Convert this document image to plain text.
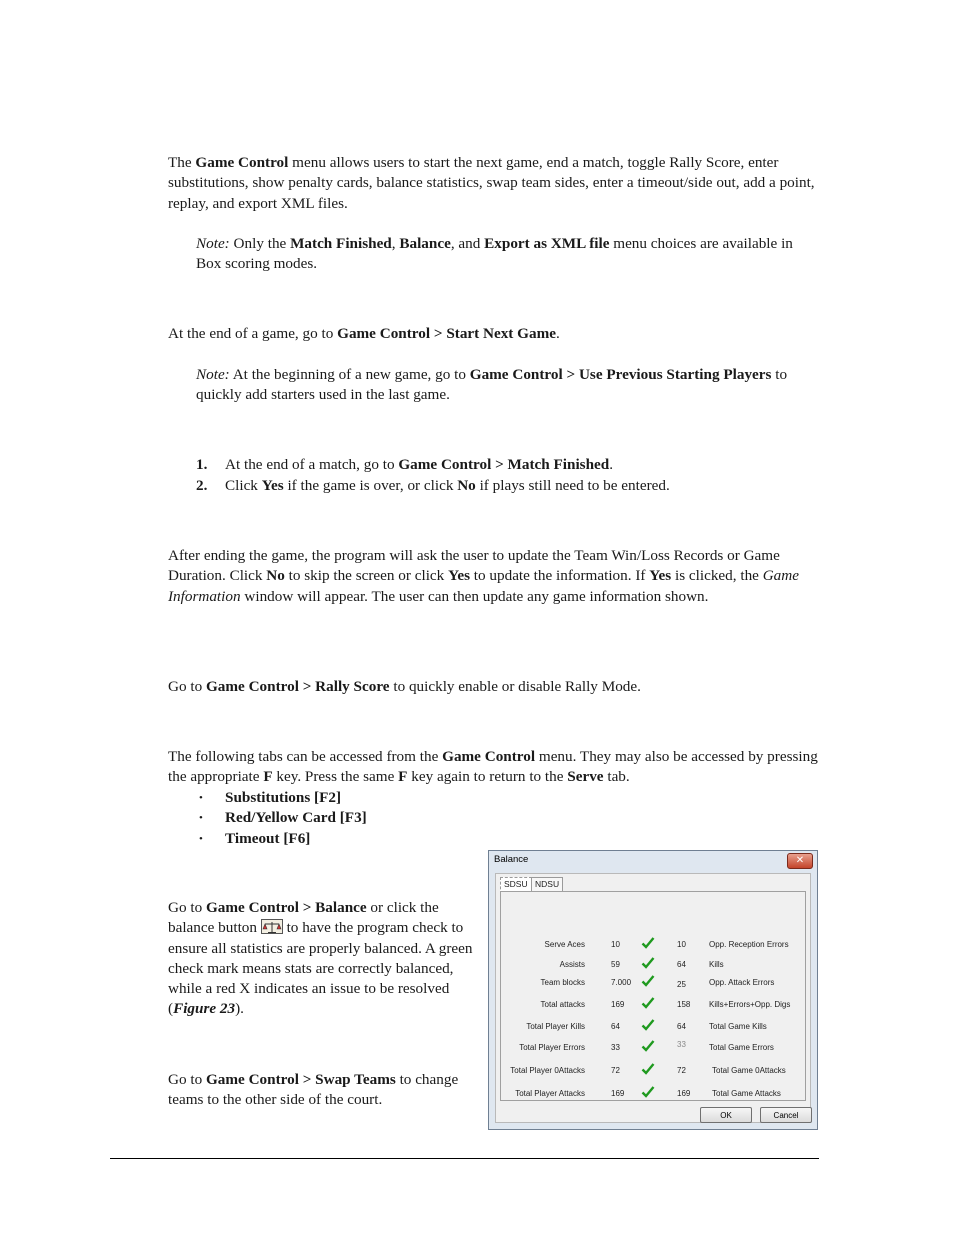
The Game Control menu allows users to start the next game, end a match, toggle Rally Score, enter substitutions, show penalty cards, balance statistics, swap team sides, enter a timeout/side out, add a point, replay, and export XML files.
Note: Only the Match Finished, Balance, and Export as XML file menu choices are available in Box scoring modes.
At the end of a game, go to Game Control > Start Next Game.
Note: At the beginning of a new game, go to Game Control > Use Previous Starting Players to quickly add starters used in the last game.
1. At the end of a match, go to Game Control > Match Finished.
2. Click Yes if the game is over, or click No if plays still need to be entered.
After ending the game, the program will ask the user to update the Team Win/Loss Records or Game Duration. Click No to skip the screen or click Yes to update the information. If Yes is clicked, the Game Information window will appear. The user can then update any game information shown.
Go to Game Control > Rally Score to quickly enable or disable Rally Mode.
The following tabs can be accessed from the Game Control menu. They may also be accessed by pressing the appropriate F key. Press the same F key again to return to the Serve tab.
• Substitutions [F2]
• Red/Yellow Card [F3]
• Timeout [F6]
Go to Game Control > Balance or click the balance button  to have the program check to ensure all statistics are properly balanced. A green check mark means stats are correctly balanced, while a red X indicates an issue to be resolved (Figure 23).
Go to Game Control > Swap Teams to change teams to the other side of the court.
Balance	✕
SDSU NDSU
Serve Aces	10	10	Opp. Reception Errors
Assists	59	64	Kills
Team blocks	7.000	25	Opp. Attack Errors
Total attacks	169	158 Kills+Errors+Opp. Digs
Total Player Kills	64	64	Total Game Kills
Total Player Errors	33	33	Total Game Errors
Total Player 0Attacks	72	72	Total Game 0Attacks
Total Player Attacks	169	169	Total Game Attacks
OK	Cancel
